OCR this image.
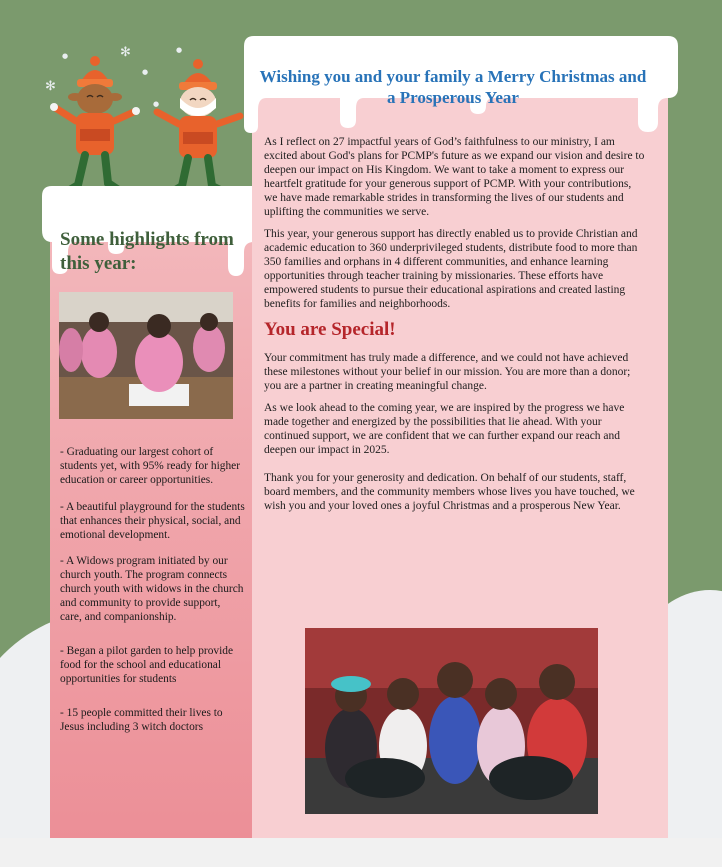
✻
✻
●
●
●
●
Some highlights from this year:

- Graduating our largest cohort of students yet, with 95% ready for higher education or career opportunities.

- A beautiful playground for the students that enhances their physical, social, and emotional development.

- A Widows program initiated by our church youth. The program connects church youth with widows in the church and community to provide support, care, and companionship.

- Began a pilot garden to help provide food for the school and educational opportunities for students

- 15 people committed their lives to Jesus including 3 witch doctors

Wishing you and your family a Merry Christmas and a Prosperous Year

As I reflect on 27 impactful years of God’s faithfulness to our ministry, I am excited about God's plans for PCMP's future as we expand our vision and desire to deepen our impact on His Kingdom. We want to take a moment to express our heartfelt gratitude for your generous support of PCMP. With your contributions, we have made remarkable strides in transforming the lives of our students and uplifting the communities we serve.

This year, your generous support has directly enabled us to provide Christian and academic education to 360 underprivileged students, distribute food to more than 350 families and orphans in 4 different communities, and enhance learning opportunities through teacher training by missionaries. These efforts have empowered students to pursue their educational aspirations and created lasting benefits for families and neighborhoods.

You are Special!

Your commitment has truly made a difference, and we could not have achieved these milestones without your belief in our mission. You are more than a donor; you are a partner in creating meaningful change.

As we look ahead to the coming year, we are inspired by the progress we have made together and energized by the possibilities that lie ahead. With your continued support, we are confident that we can further expand our reach and deepen our impact in 2025.

Thank you for your generosity and dedication. On behalf of our students, staff, board members, and the community members whose lives you have touched, we wish you and your loved ones a joyful Christmas and a prosperous New Year.
